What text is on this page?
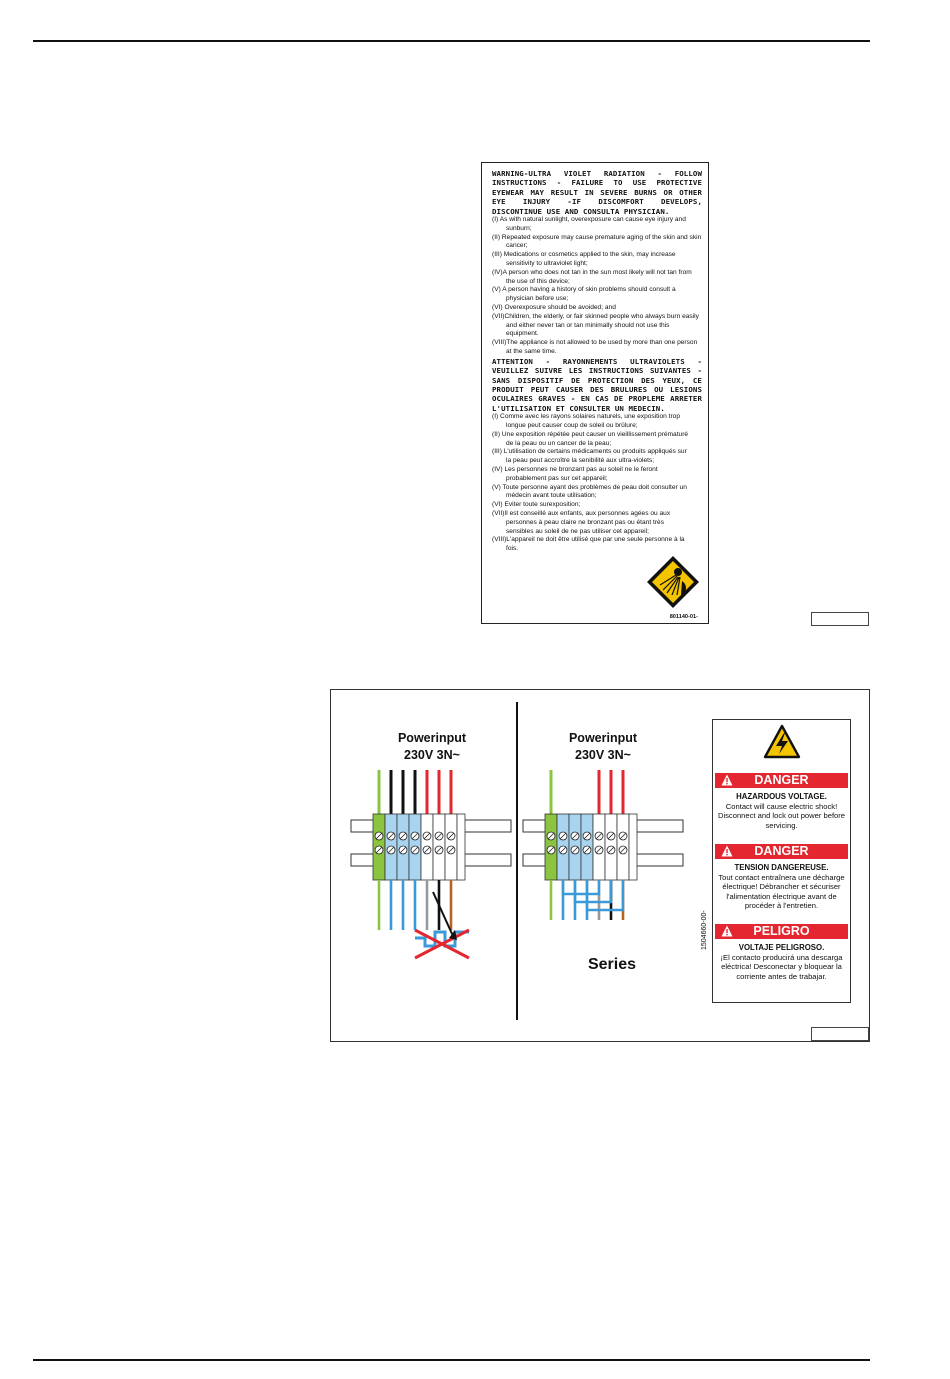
WARNING-ULTRA VIOLET RADIATION - FOLLOW INSTRUCTIONS - FAILURE TO USE PROTECTIVE EYEWEAR MAY RESULT IN SEVERE BURNS OR OTHER EYE INJURY -IF DISCOMFORT DEVELOPS, DISCONTINUE USE AND CONSULTA PHYSICIAN.
(I) As with natural sunlight, overexposure can cause eye injury and sunburn;
(II) Repeated exposure may cause premature aging of the skin and skin cancer;
(III) Medications or cosmetics applied to the skin, may increase sensitivity to ultraviolet light;
(IV)A person who does not tan in the sun most likely will not tan from the use of this device;
(V) A person having a history of skin problems should consult a physician before use;
(VI) Overexposure should be avoided; and
(VII)Children, the elderly, or fair skinned people who always burn easily and either never tan or tan minimally should not use this equipment.
(VIII)The appliance is not allowed to be used by more than one person at the same time.
ATTENTION - RAYONNEMENTS ULTRAVIOLETS - VEUILLEZ SUIVRE LES INSTRUCTIONS SUIVANTES - SANS DISPOSITIF DE PROTECTION DES YEUX, CE PRODUIT PEUT CAUSER DES BRULURES OU LESIONS OCULAIRES GRAVES - EN CAS DE PROPLEME ARRETER L'UTILISATION ET CONSULTER UN MEDECIN.
(I) Comme avec les rayons solaires naturels, une exposition trop longue peut causer coup de soleil ou brûlure;
(II) Une exposition répétée peut causer un vieillissement prématuré de la peau ou un cancer de la peau;
(III) L'utilisation de certains médicaments ou produits appliqués sur la peau peut accroître la senibilité aux ultra-violets;
(IV) Les personnes ne bronzant pas au soleil ne le feront probablement pas sur cet appareil;
(V) Toute personne ayant des problèmes de peau doit consulter un médecin avant toute utilisation;
(VI) Eviter toute surexposition;
(VII)Il est conseillé aux enfants, aux personnes agées ou aux personnes à peau claire ne bronzant pas ou étant très sensibles au soleil de ne pas utiliser cet appareil;
(VIII)L'appareil ne doit être utilisé que par une seule personne à la fois.
801140-01-
Powerinput
230V 3N~
Powerinput
230V 3N~
Series
1504660-00-
DANGER
HAZARDOUS VOLTAGE.
Contact will cause electric shock! Disconnect and lock out power before servicing.
DANGER
TENSION DANGEREUSE.
Tout contact entraînera une décharge électrique! Débrancher et sécuriser l'alimentation électrique avant de procéder à l'entretien.
PELIGRO
VOLTAJE PELIGROSO.
¡El contacto producirá una descarga eléctrica! Desconectar y bloquear la corriente antes de trabajar.
